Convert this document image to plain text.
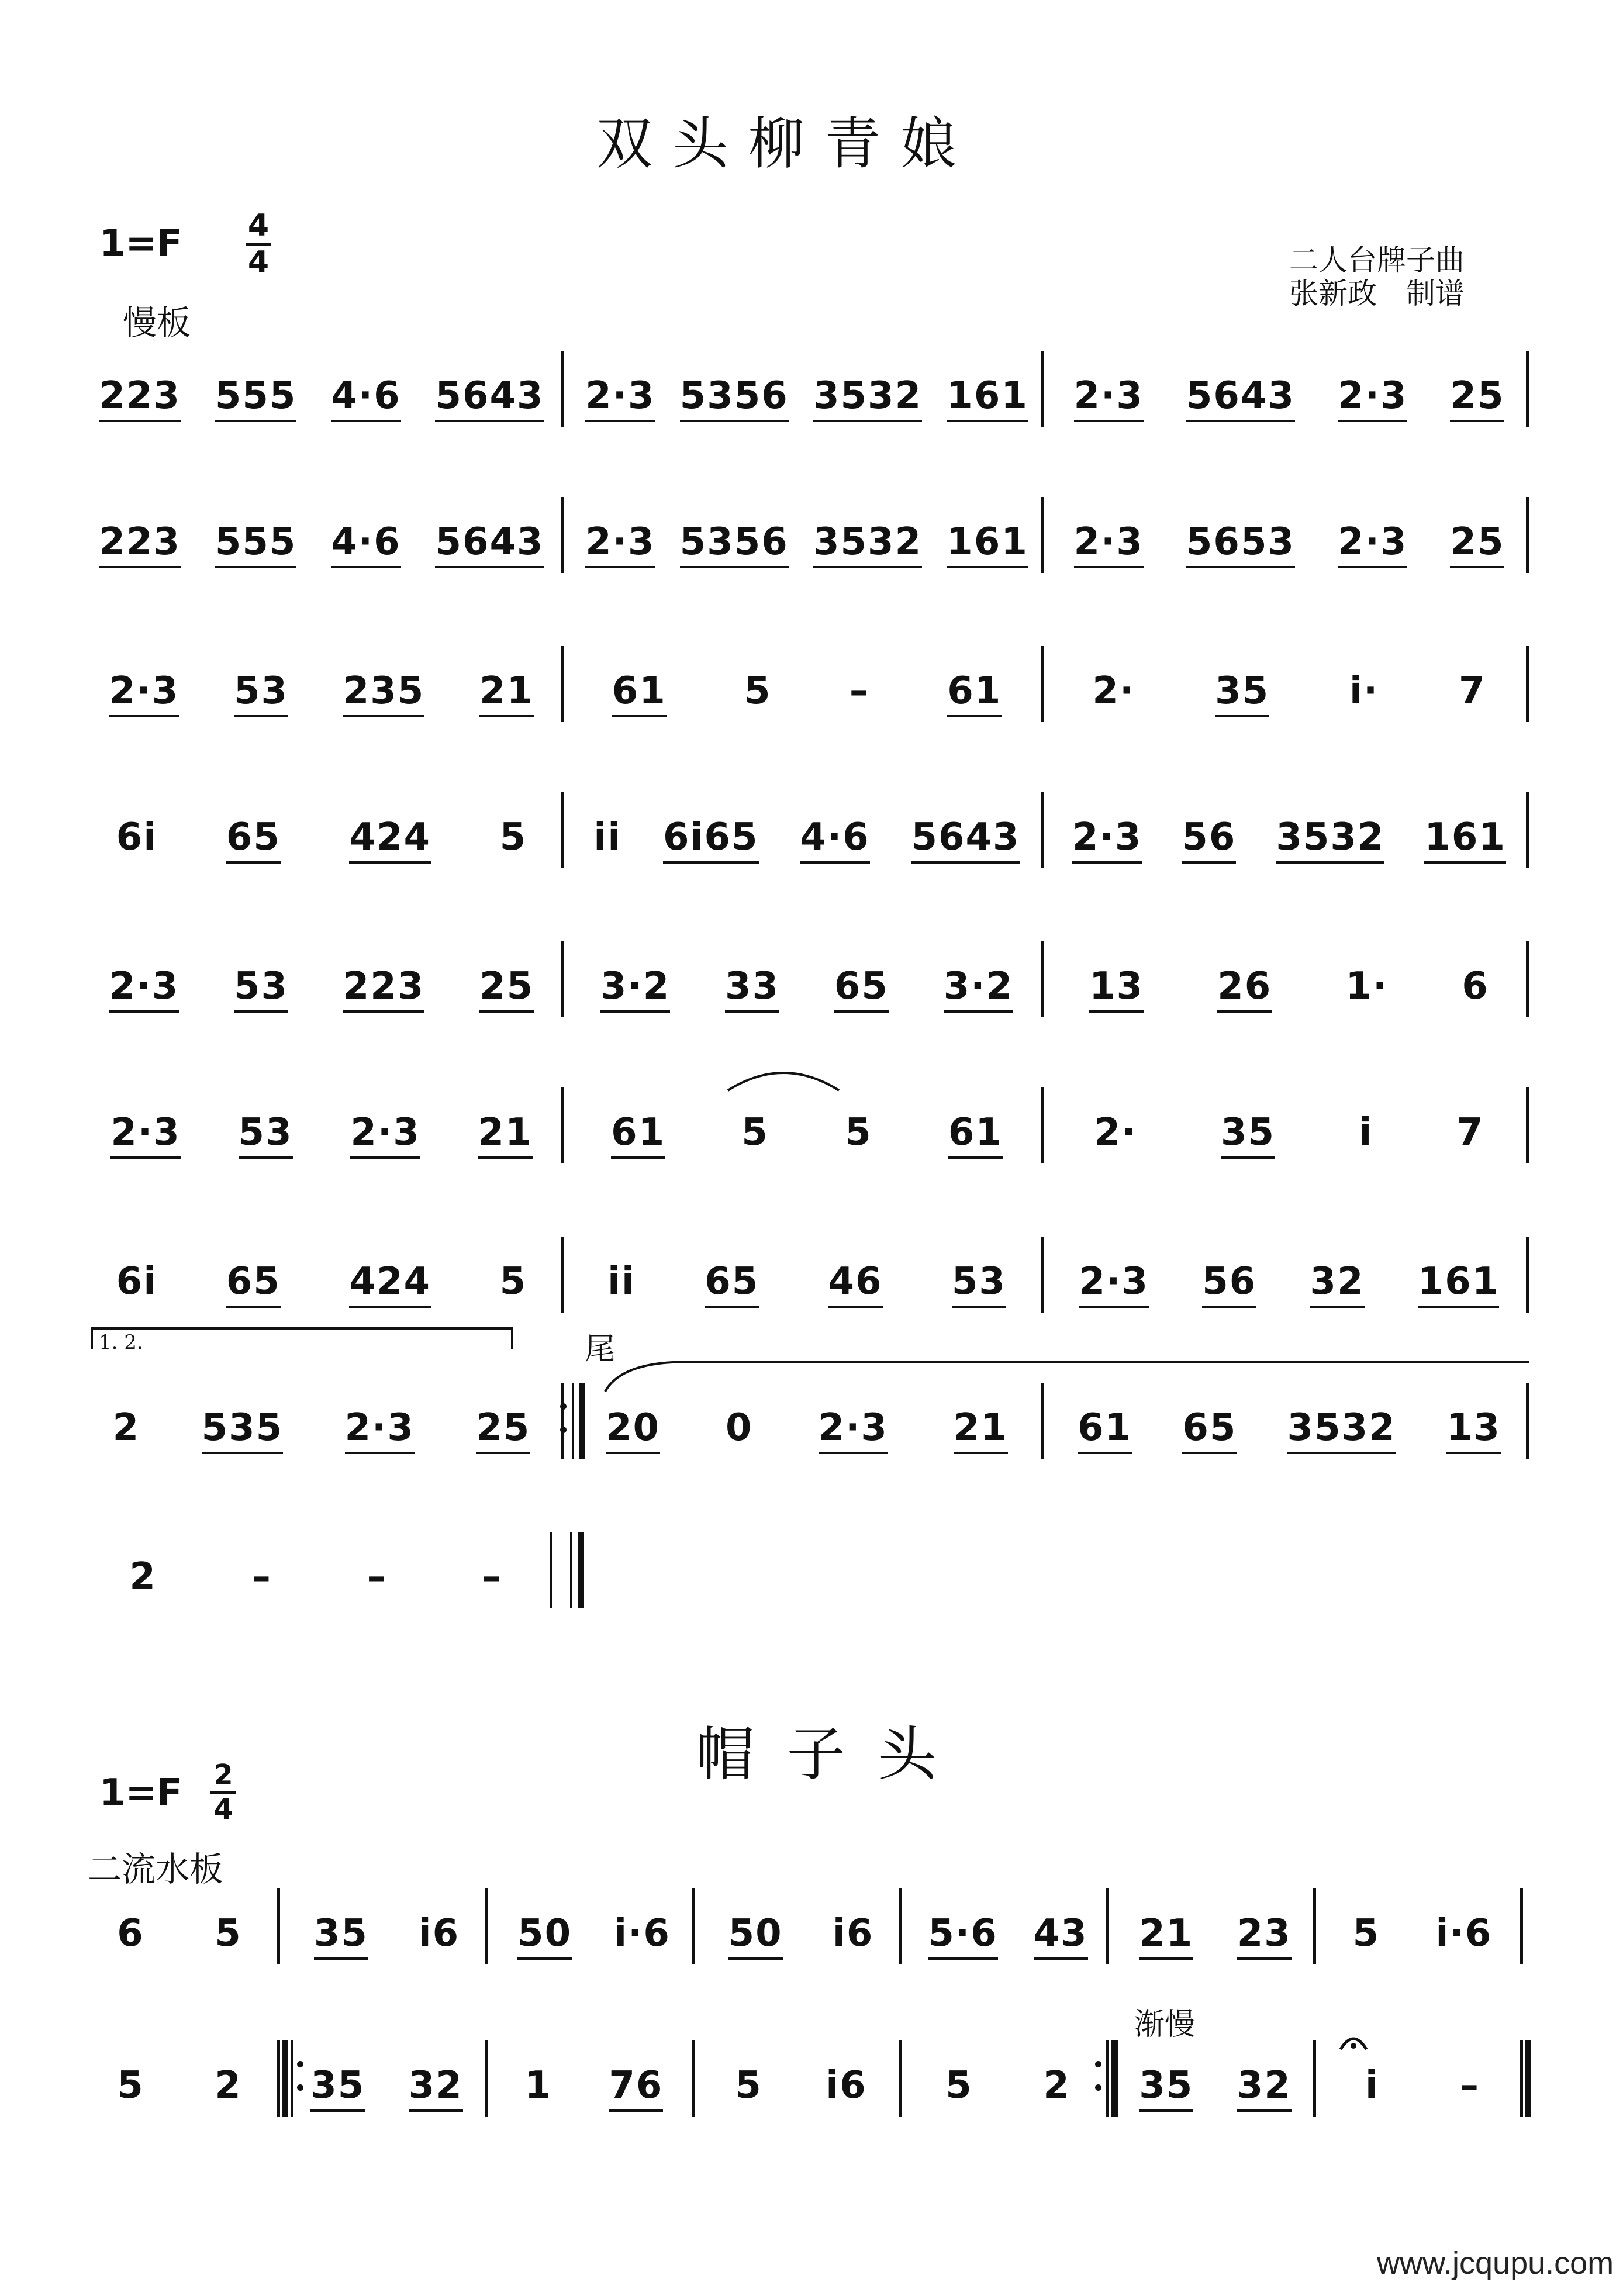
双头柳青娘
1=F 4
4
慢板
二人台牌子曲
张新政　制谱
223 555 4·6 5643 2·3 5356 3532 161 2·3 5643 2·3 25
223 555 4·6 5643 2·3 5356 3532 161 2·3 5653 2·3 25
2·3 53 235 21 61 5 – 61 2· 35 i· 7
6i 65 424 5 ii 6i65 4·6 5643 2·3 56 3532 161
2·3 53 223 25 3·2 33 65 3·2 13 26 1· 6
2·3 53 2·3 21 61 5 5 61 2· 35 i 7
6i 65 424 5 ii 65 46 53 2·3 56 32 161
2 535 2·3 25 20 0 2·3 21 61 65 3532 13
2	–	–	–
1. 2.	尾
帽 子 头
1=F 2
4
二流水板
渐慢
6 5 35 i6 50 i·6 50 i6 5·6 43 21 23 5 i·6
5 2 35 32 1 76 5 i6 5 2 35 32 i –
www.jcqupu.com
